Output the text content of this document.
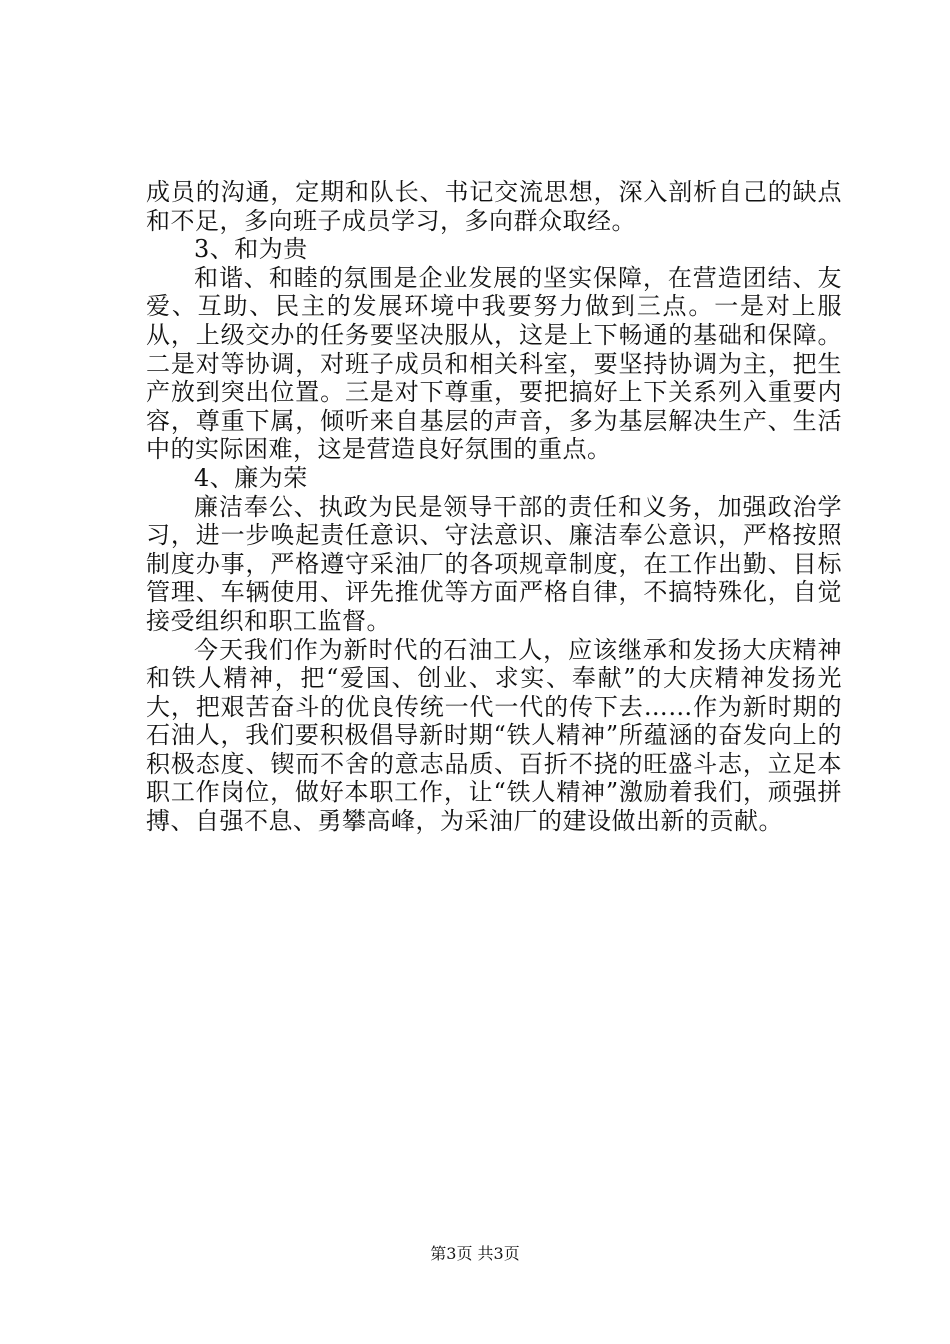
成员的沟通，定期和队长、书记交流思想，深入剖析自己的缺点和不足，多向班子成员学习，多向群众取经。

3、和为贵

和谐、和睦的氛围是企业发展的坚实保障，在营造团结、友爱、互助、民主的发展环境中我要努力做到三点。一是对上服从，上级交办的任务要坚决服从，这是上下畅通的基础和保障。二是对等协调，对班子成员和相关科室，要坚持协调为主，把生产放到突出位置。三是对下尊重，要把搞好上下关系列入重要内容，尊重下属，倾听来自基层的声音，多为基层解决生产、生活中的实际困难，这是营造良好氛围的重点。

4、廉为荣

廉洁奉公、执政为民是领导干部的责任和义务，加强政治学习，进一步唤起责任意识、守法意识、廉洁奉公意识，严格按照制度办事，严格遵守采油厂的各项规章制度，在工作出勤、目标管理、车辆使用、评先推优等方面严格自律，不搞特殊化，自觉接受组织和职工监督。

今天我们作为新时代的石油工人，应该继承和发扬大庆精神和铁人精神，把“爱国、创业、求实、奉献”的大庆精神发扬光大，把艰苦奋斗的优良传统一代一代的传下去……作为新时期的石油人，我们要积极倡导新时期“铁人精神”所蕴涵的奋发向上的积极态度、锲而不舍的意志品质、百折不挠的旺盛斗志，立足本职工作岗位，做好本职工作，让“铁人精神”激励着我们，顽强拼搏、自强不息、勇攀高峰，为采油厂的建设做出新的贡献。

第3页 共3页
